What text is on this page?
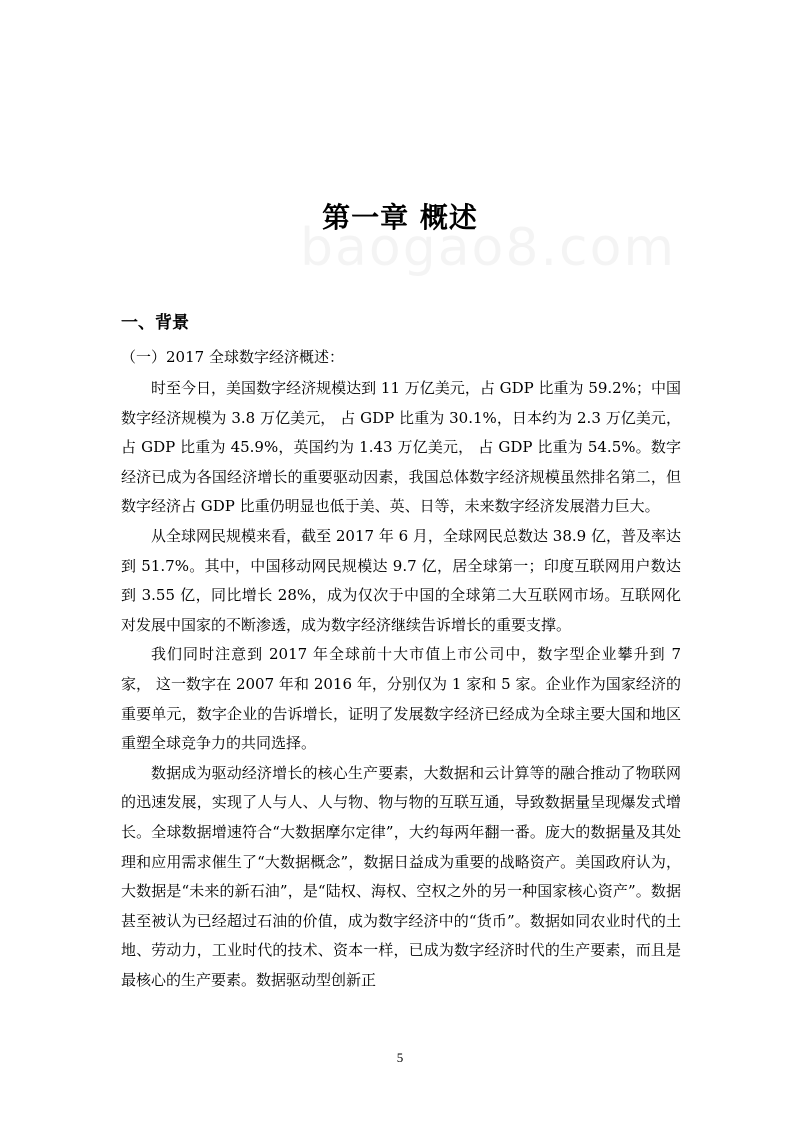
第一章 概述
一、背景
（一）2017 全球数字经济概述：

时至今日，美国数字经济规模达到 11 万亿美元，占 GDP 比重为 59.2%；中国数字经济规模为 3.8 万亿美元， 占 GDP 比重为 30.1%，日本约为 2.3 万亿美元，占 GDP 比重为 45.9%，英国约为 1.43 万亿美元， 占 GDP 比重为 54.5%。数字经济已成为各国经济增长的重要驱动因素，我国总体数字经济规模虽然排名第二，但数字经济占 GDP 比重仍明显也低于美、英、日等，未来数字经济发展潜力巨大。

从全球网民规模来看，截至 2017 年 6 月，全球网民总数达 38.9 亿，普及率达到 51.7%。其中，中国移动网民规模达 9.7 亿，居全球第一；印度互联网用户数达到 3.55 亿，同比增长 28%，成为仅次于中国的全球第二大互联网市场。互联网化对发展中国家的不断渗透，成为数字经济继续告诉增长的重要支撑。

我们同时注意到 2017 年全球前十大市值上市公司中，数字型企业攀升到 7 家， 这一数字在 2007 年和 2016 年，分别仅为 1 家和 5 家。企业作为国家经济的重要单元，数字企业的告诉增长，证明了发展数字经济已经成为全球主要大国和地区重塑全球竞争力的共同选择。

数据成为驱动经济增长的核心生产要素，大数据和云计算等的融合推动了物联网的迅速发展，实现了人与人、人与物、物与物的互联互通，导致数据量呈现爆发式增长。全球数据增速符合“大数据摩尔定律”，大约每两年翻一番。庞大的数据量及其处理和应用需求催生了“大数据概念”，数据日益成为重要的战略资产。美国政府认为，大数据是“未来的新石油”，是“陆权、海权、空权之外的另一种国家核心资产”。数据甚至被认为已经超过石油的价值，成为数字经济中的“货币”。数据如同农业时代的土地、劳动力，工业时代的技术、资本一样，已成为数字经济时代的生产要素，而且是最核心的生产要素。数据驱动型创新正

5
